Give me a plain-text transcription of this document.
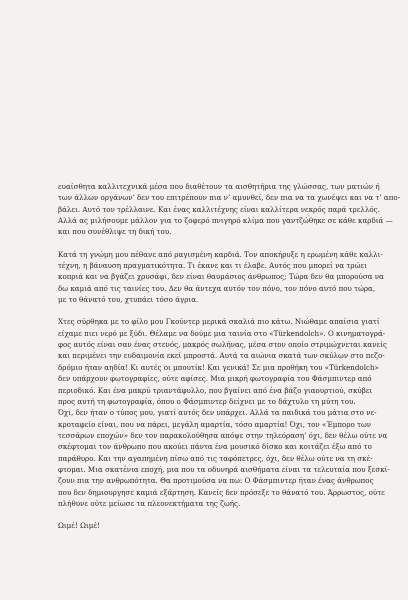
ευαίσθητα καλλιτεχνικά μέσα που διαθέτουν τα αισθητήρια της γλώσσας, των ματιών ή
των άλλων οργάνων’ δεν του επιτρέπουν πια ν’ αμυνθεί, δεν πια να τα χωνέψει και να τ’ απο-
βάλει. Αυτό τον τρέλλαινε. Και ένας καλλιτέχνης είναι καλλίτερα νεκρός παρά τρελλός.
Αλλά ας μιλήσουμε μάλλον για το ζοφερό πνιγηρό κλίμα που γαντζώθηκε σε κάθε καρδιά —
και που συνέθλιψε τη δική του.

Κατά τη γνώμη μου πέθανε από ραγισμένη καρδιά. Τον αποκήρυξε η ερωμένη κάθε καλλι-
τέχνη, η βάναυση πραγματικότητα. Τι έκανε και τι έλαβε. Αυτός που μπορεί να τρώει
κοπριά και να βγάζει χρυσάφι, δεν είναι θαυμάσιος άνθρωπος; Τώρα δεν θα μπορούσα να
δω καμιά από τις ταινίες του. Δεν θα άντεχα αυτόν τον πόνο, τον πόνο αυτό που τώρα,
με το θάνατό του, χτυπάει τόσο άγρια.

Χτες σύρθηκα με το φίλο μου Γκούντερ μερικά σκαλιά πιο κάτω. Νιώθαμε απαίσια γιατί
είχαμε πιει νερό με ξύδι. Θέλαμε να δούμε μια ταινία στο «Türkendolch». Ο κινηματογρά-
φος αυτός είναι σαν ένας στενός, μακρός σωλήνας, μέσα στον οποίο στριμώχνεται κανείς
και περιμένει την ευδαιμονία εκεί μπροστά. Αυτά τα αιώνια σκατά των σκύλων στο πεζο-
δρόμιο ήταν αηδία! Κι αυτές οι μπουτίκ! Και γενικά! Σε μια προθήκη του «Türkendolch»
δεν υπάρχουν φωτογραφίες, ούτε αφίσες. Μια μικρή φωτογραφία του Φάσμπιντερ από
περιοδικό. Και ένα μακρύ τριαντάφυλλο, που βγαίνει από ένα βάζο γιαουρτιού, σκύβει
προς αυτή τη φωτογραφία, όπου ο Φάσμπιντερ δείχνει με το δάχτυλο τη μύτη του.
Όχι, δεν ήταν ο τύπος μου, γιατί αυτός δεν υπάρχει. Αλλά τα παιδικά του μάτια στο νε-
κροταφείο είναι, που να πάρει, μεγάλη αμαρτία, τόσο αμαρτία! Όχι, τον «Έμπορο των
τεσσάρων εποχών» δεν τον παρακολούθησα απόψε στην τηλεόραση’ όχι, δεν θέλω ούτε να
σκέφτομαι τον άνθρωπο που ακούει πάντα ένα μουσικό δίσκο και κοιτάζει έξω από το
παράθυρο. Και την αγαπημένη πίσω από τις ταφόπετρες, όχι, δεν θέλω ούτε να τη σκέ-
φτομαι. Μια σκατένια εποχή, μια που τα οδυνηρά αισθήματα είναι τα τελευταία που ξεσκί-
ζουν πια την ανθρωπότητα. Θα προτιμούσα να πω: Ο Φάσμπιντερ ήταν ένας άνθρωπος
που δεν δημιουργησε καμιά εξάρτηση. Κανείς δεν πρόσεξε το θάνατό του. Άρρωστος, ούτε
πλήθυνε ούτε μείωσε τα πλεονεκτήματα της ζωής.

Ωιμέ! Ωιμέ!
